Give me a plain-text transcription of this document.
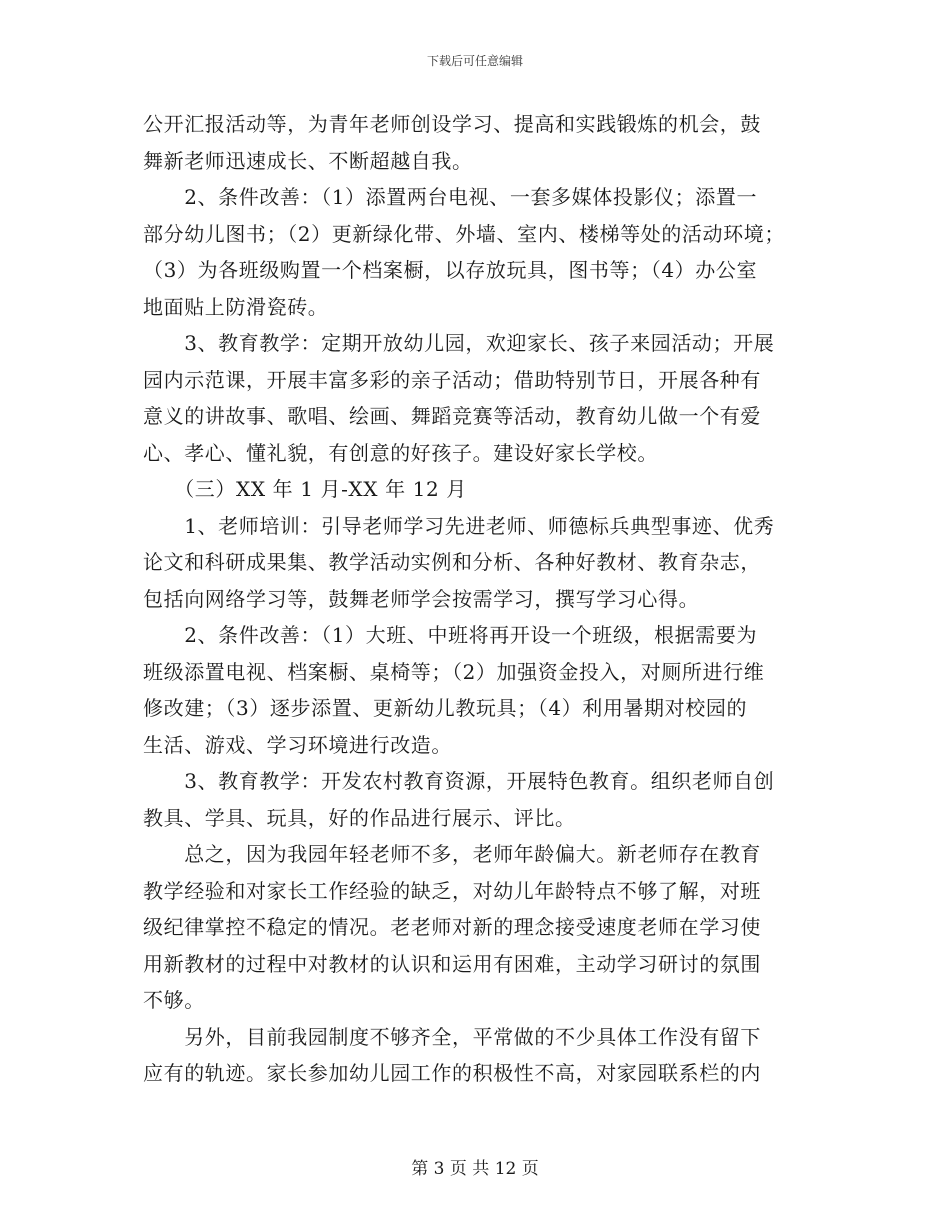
下载后可任意编辑
公开汇报活动等，为青年老师创设学习、提高和实践锻炼的机会，鼓
舞新老师迅速成长、不断超越自我。
　　2、条件改善：（1）添置两台电视、一套多媒体投影仪；添置一
部分幼儿图书；（2）更新绿化带、外墙、室内、楼梯等处的活动环境；
（3）为各班级购置一个档案橱，以存放玩具，图书等；（4）办公室
地面贴上防滑瓷砖。
　　3、教育教学：定期开放幼儿园，欢迎家长、孩子来园活动；开展
园内示范课，开展丰富多彩的亲子活动；借助特别节日，开展各种有
意义的讲故事、歌唱、绘画、舞蹈竞赛等活动，教育幼儿做一个有爱
心、孝心、懂礼貌，有创意的好孩子。建设好家长学校。
　　（三）XX 年 1 月-XX 年 12 月
　　1、老师培训：引导老师学习先进老师、师德标兵典型事迹、优秀
论文和科研成果集、教学活动实例和分析、各种好教材、教育杂志，
包括向网络学习等，鼓舞老师学会按需学习，撰写学习心得。
　　2、条件改善：（1）大班、中班将再开设一个班级，根据需要为
班级添置电视、档案橱、桌椅等；（2）加强资金投入，对厕所进行维
修改建；（3）逐步添置、更新幼儿教玩具；（4）利用暑期对校园的
生活、游戏、学习环境进行改造。
　　3、教育教学：开发农村教育资源，开展特色教育。组织老师自创
教具、学具、玩具，好的作品进行展示、评比。
　　总之，因为我园年轻老师不多，老师年龄偏大。新老师存在教育
教学经验和对家长工作经验的缺乏，对幼儿年龄特点不够了解，对班
级纪律掌控不稳定的情况。老老师对新的理念接受速度老师在学习使
用新教材的过程中对教材的认识和运用有困难，主动学习研讨的氛围
不够。
　　另外，目前我园制度不够齐全，平常做的不少具体工作没有留下
应有的轨迹。家长参加幼儿园工作的积极性不高，对家园联系栏的内
第 3 页 共 12 页
